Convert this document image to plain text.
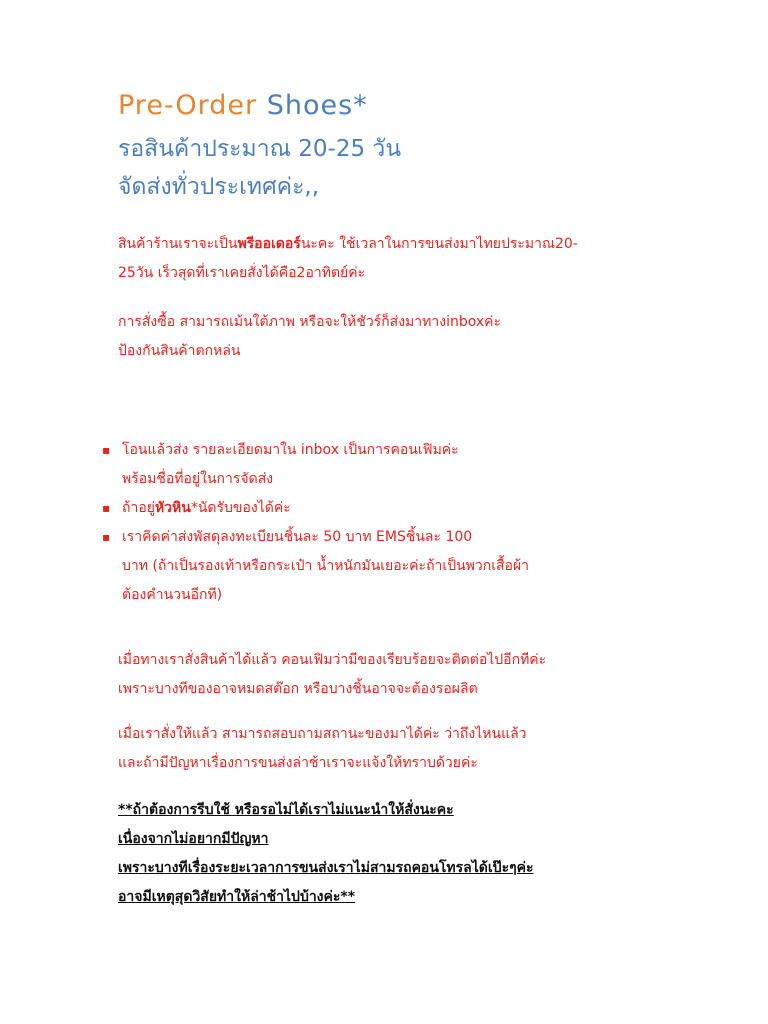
Pre-Order Shoes*
รอสินค้าประมาณ 20-25 วัน
จัดส่งทั่วประเทศค่ะ,,

สินค้าร้านเราจะเป็นพรีออเดอร์นะคะ ใช้เวลาในการขนส่งมาไทยประมาณ20-
25วัน เร็วสุดที่เราเคยสั่งได้คือ2อาทิตย์ค่ะ

การสั่งซื้อ สามารถเม้นใต้ภาพ หรือจะให้ชัวร์ก็ส่งมาทางinboxค่ะ
ป้องกันสินค้าตกหล่น

▪ โอนแล้วส่ง รายละเอียดมาใน inbox เป็นการคอนเฟิมค่ะ
พร้อมชื่อที่อยู่ในการจัดส่ง
▪ ถ้าอยู่หัวหิน*นัดรับของได้ค่ะ
▪ เราคิดค่าส่งพัสดุลงทะเบียนชิ้นละ 50 บาท EMSชิ้นละ 100
บาท (ถ้าเป็นรองเท้าหรือกระเป๋า น้ำหนักมันเยอะค่ะถ้าเป็นพวกเสื้อผ้า
ต้องคำนวนอีกที)

เมื่อทางเราสั่งสินค้าได้แล้ว คอนเฟิมว่ามีของเรียบร้อยจะติดต่อไปอีกทีค่ะ
เพราะบางทีของอาจหมดสต๊อก หรือบางชิ้นอาจจะต้องรอผลิต

เมื่อเราสั่งให้แล้ว สามารถสอบถามสถานะของมาได้ค่ะ ว่าถึงไหนแล้ว
และถ้ามีปัญหาเรื่องการขนส่งล่าช้าเราจะแจ้งให้ทราบด้วยค่ะ

**ถ้าต้องการรีบใช้ หรือรอไม่ได้เราไม่แนะนำให้สั่งนะคะ
เนื่องจากไม่อยากมีปัญหา
เพราะบางทีเรื่องระยะเวลาการขนส่งเราไม่สามรถคอนโทรลได้เป๊ะๆค่ะ
อาจมีเหตุสุดวิสัยทำให้ล่าช้าไปบ้างค่ะ**
